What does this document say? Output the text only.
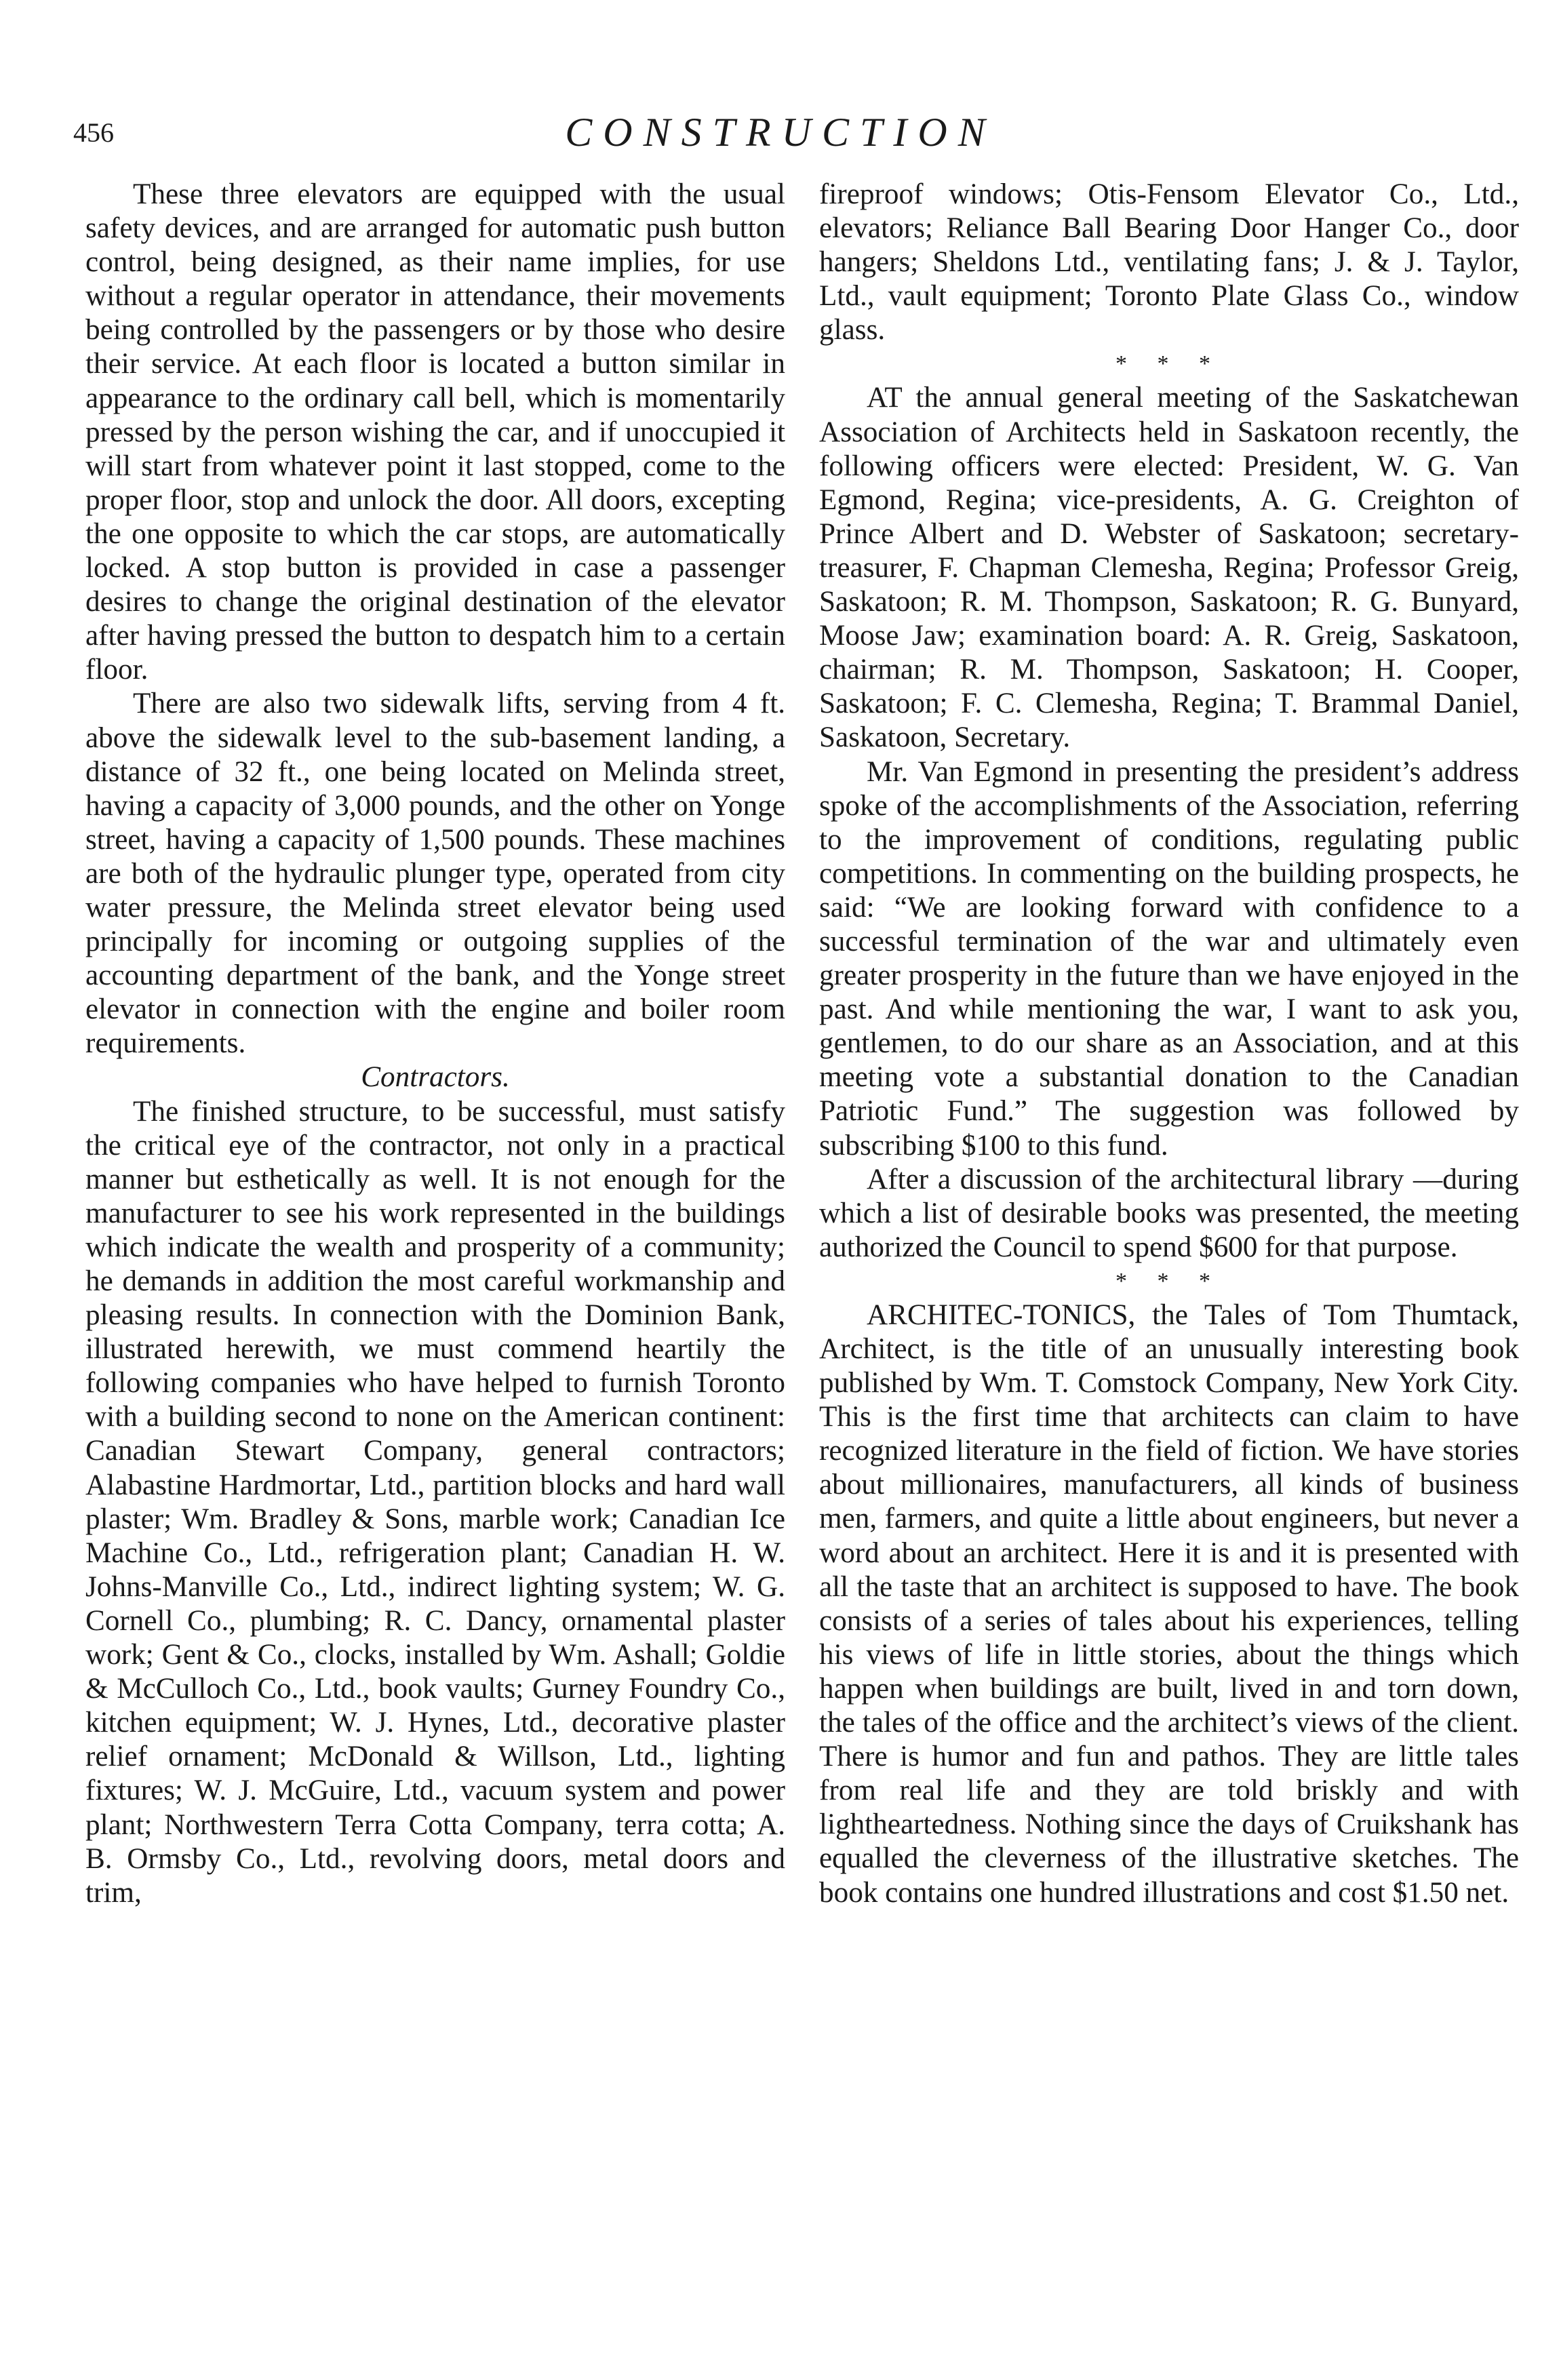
456	CONSTRUCTION

These three elevators are equipped with the usual safety devices, and are arranged for automatic push button control, being designed, as their name implies, for use without a regular operator in attendance, their movements being controlled by the passengers or by those who desire their service. At each floor is located a button similar in appearance to the ordinary call bell, which is momentarily pressed by the person wishing the car, and if unoccupied it will start from whatever point it last stopped, come to the proper floor, stop and unlock the door. All doors, excepting the one opposite to which the car stops, are automatically locked. A stop button is provided in case a passenger desires to change the original destination of the elevator after having pressed the button to despatch him to a certain floor.

There are also two sidewalk lifts, serving from 4 ft. above the sidewalk level to the sub-basement landing, a distance of 32 ft., one being located on Melinda street, having a capacity of 3,000 pounds, and the other on Yonge street, having a capacity of 1,500 pounds. These machines are both of the hydraulic plunger type, operated from city water pressure, the Melinda street elevator being used principally for incoming or outgoing supplies of the accounting department of the bank, and the Yonge street elevator in connection with the engine and boiler room requirements.

Contractors.

The finished structure, to be successful, must satisfy the critical eye of the contractor, not only in a practical manner but esthetically as well. It is not enough for the manufacturer to see his work represented in the buildings which indicate the wealth and prosperity of a community; he demands in addition the most careful workmanship and pleasing results. In connection with the Dominion Bank, illustrated herewith, we must commend heartily the following companies who have helped to furnish Toronto with a building second to none on the American continent: Canadian Stewart Company, general contractors; Alabastine Hardmortar, Ltd., partition blocks and hard wall plaster; Wm. Bradley & Sons, marble work; Canadian Ice Machine Co., Ltd., refrigeration plant; Canadian H. W. Johns-Manville Co., Ltd., indirect lighting system; W. G. Cornell Co., plumbing; R. C. Dancy, ornamental plaster work; Gent & Co., clocks, installed by Wm. Ashall; Goldie & McCulloch Co., Ltd., book vaults; Gurney Foundry Co., kitchen equipment; W. J. Hynes, Ltd., decorative plaster relief ornament; McDonald & Willson, Ltd., lighting fixtures; W. J. McGuire, Ltd., vacuum system and power plant; Northwestern Terra Cotta Company, terra cotta; A. B. Ormsby Co., Ltd., revolving doors, metal doors and trim,

fireproof windows; Otis-Fensom Elevator Co., Ltd., elevators; Reliance Ball Bearing Door Hanger Co., door hangers; Sheldons Ltd., ventilating fans; J. & J. Taylor, Ltd., vault equipment; Toronto Plate Glass Co., window glass.

* * *

AT the annual general meeting of the Saskatchewan Association of Architects held in Saskatoon recently, the following officers were elected: President, W. G. Van Egmond, Regina; vice-presidents, A. G. Creighton of Prince Albert and D. Webster of Saskatoon; secretary-treasurer, F. Chapman Clemesha, Regina; Professor Greig, Saskatoon; R. M. Thompson, Saskatoon; R. G. Bunyard, Moose Jaw; examination board: A. R. Greig, Saskatoon, chairman; R. M. Thompson, Saskatoon; H. Cooper, Saskatoon; F. C. Clemesha, Regina; T. Brammal Daniel, Saskatoon, Secretary.

Mr. Van Egmond in presenting the president’s address spoke of the accomplishments of the Association, referring to the improvement of conditions, regulating public competitions. In commenting on the building prospects, he said: “We are looking forward with confidence to a successful termination of the war and ultimately even greater prosperity in the future than we have enjoyed in the past. And while mentioning the war, I want to ask you, gentlemen, to do our share as an Association, and at this meeting vote a substantial donation to the Canadian Patriotic Fund.” The suggestion was followed by subscribing $100 to this fund.

After a discussion of the architectural library —during which a list of desirable books was presented, the meeting authorized the Council to spend $600 for that purpose.

* * *

ARCHITEC-TONICS, the Tales of Tom Thumtack, Architect, is the title of an unusually interesting book published by Wm. T. Comstock Company, New York City. This is the first time that architects can claim to have recognized literature in the field of fiction. We have stories about millionaires, manufacturers, all kinds of business men, farmers, and quite a little about engineers, but never a word about an architect. Here it is and it is presented with all the taste that an architect is supposed to have. The book consists of a series of tales about his experiences, telling his views of life in little stories, about the things which happen when buildings are built, lived in and torn down, the tales of the office and the architect’s views of the client. There is humor and fun and pathos. They are little tales from real life and they are told briskly and with lightheartedness. Nothing since the days of Cruikshank has equalled the cleverness of the illustrative sketches. The book contains one hundred illustrations and cost $1.50 net.
